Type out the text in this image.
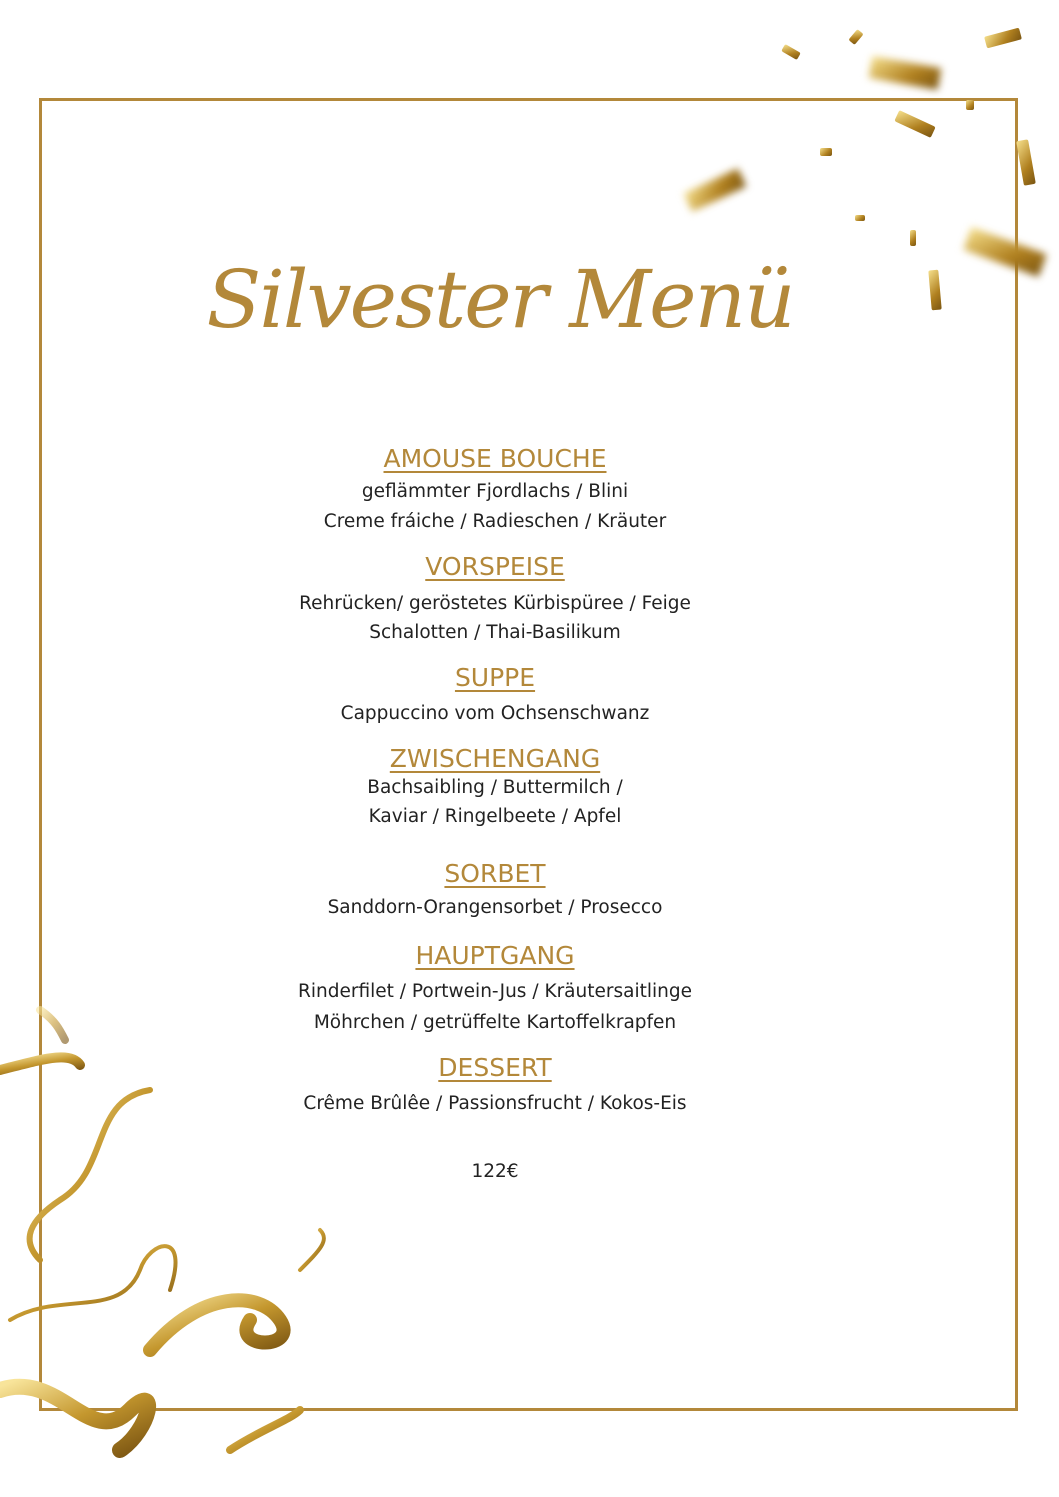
Silvester Menü
AMOUSE BOUCHE
geflämmter Fjordlachs / Blini
Creme fráiche / Radieschen / Kräuter
VORSPEISE
Rehrücken/ geröstetes Kürbispüree / Feige
Schalotten / Thai-Basilikum
SUPPE
Cappuccino vom Ochsenschwanz
ZWISCHENGANG
Bachsaibling / Buttermilch /
Kaviar / Ringelbeete / Apfel
SORBET
Sanddorn-Orangensorbet / Prosecco
HAUPTGANG
Rinderfilet / Portwein-Jus / Kräutersaitlinge
Möhrchen / getrüffelte Kartoffelkrapfen
DESSERT
Crême Brûlêe / Passionsfrucht / Kokos-Eis
122€
